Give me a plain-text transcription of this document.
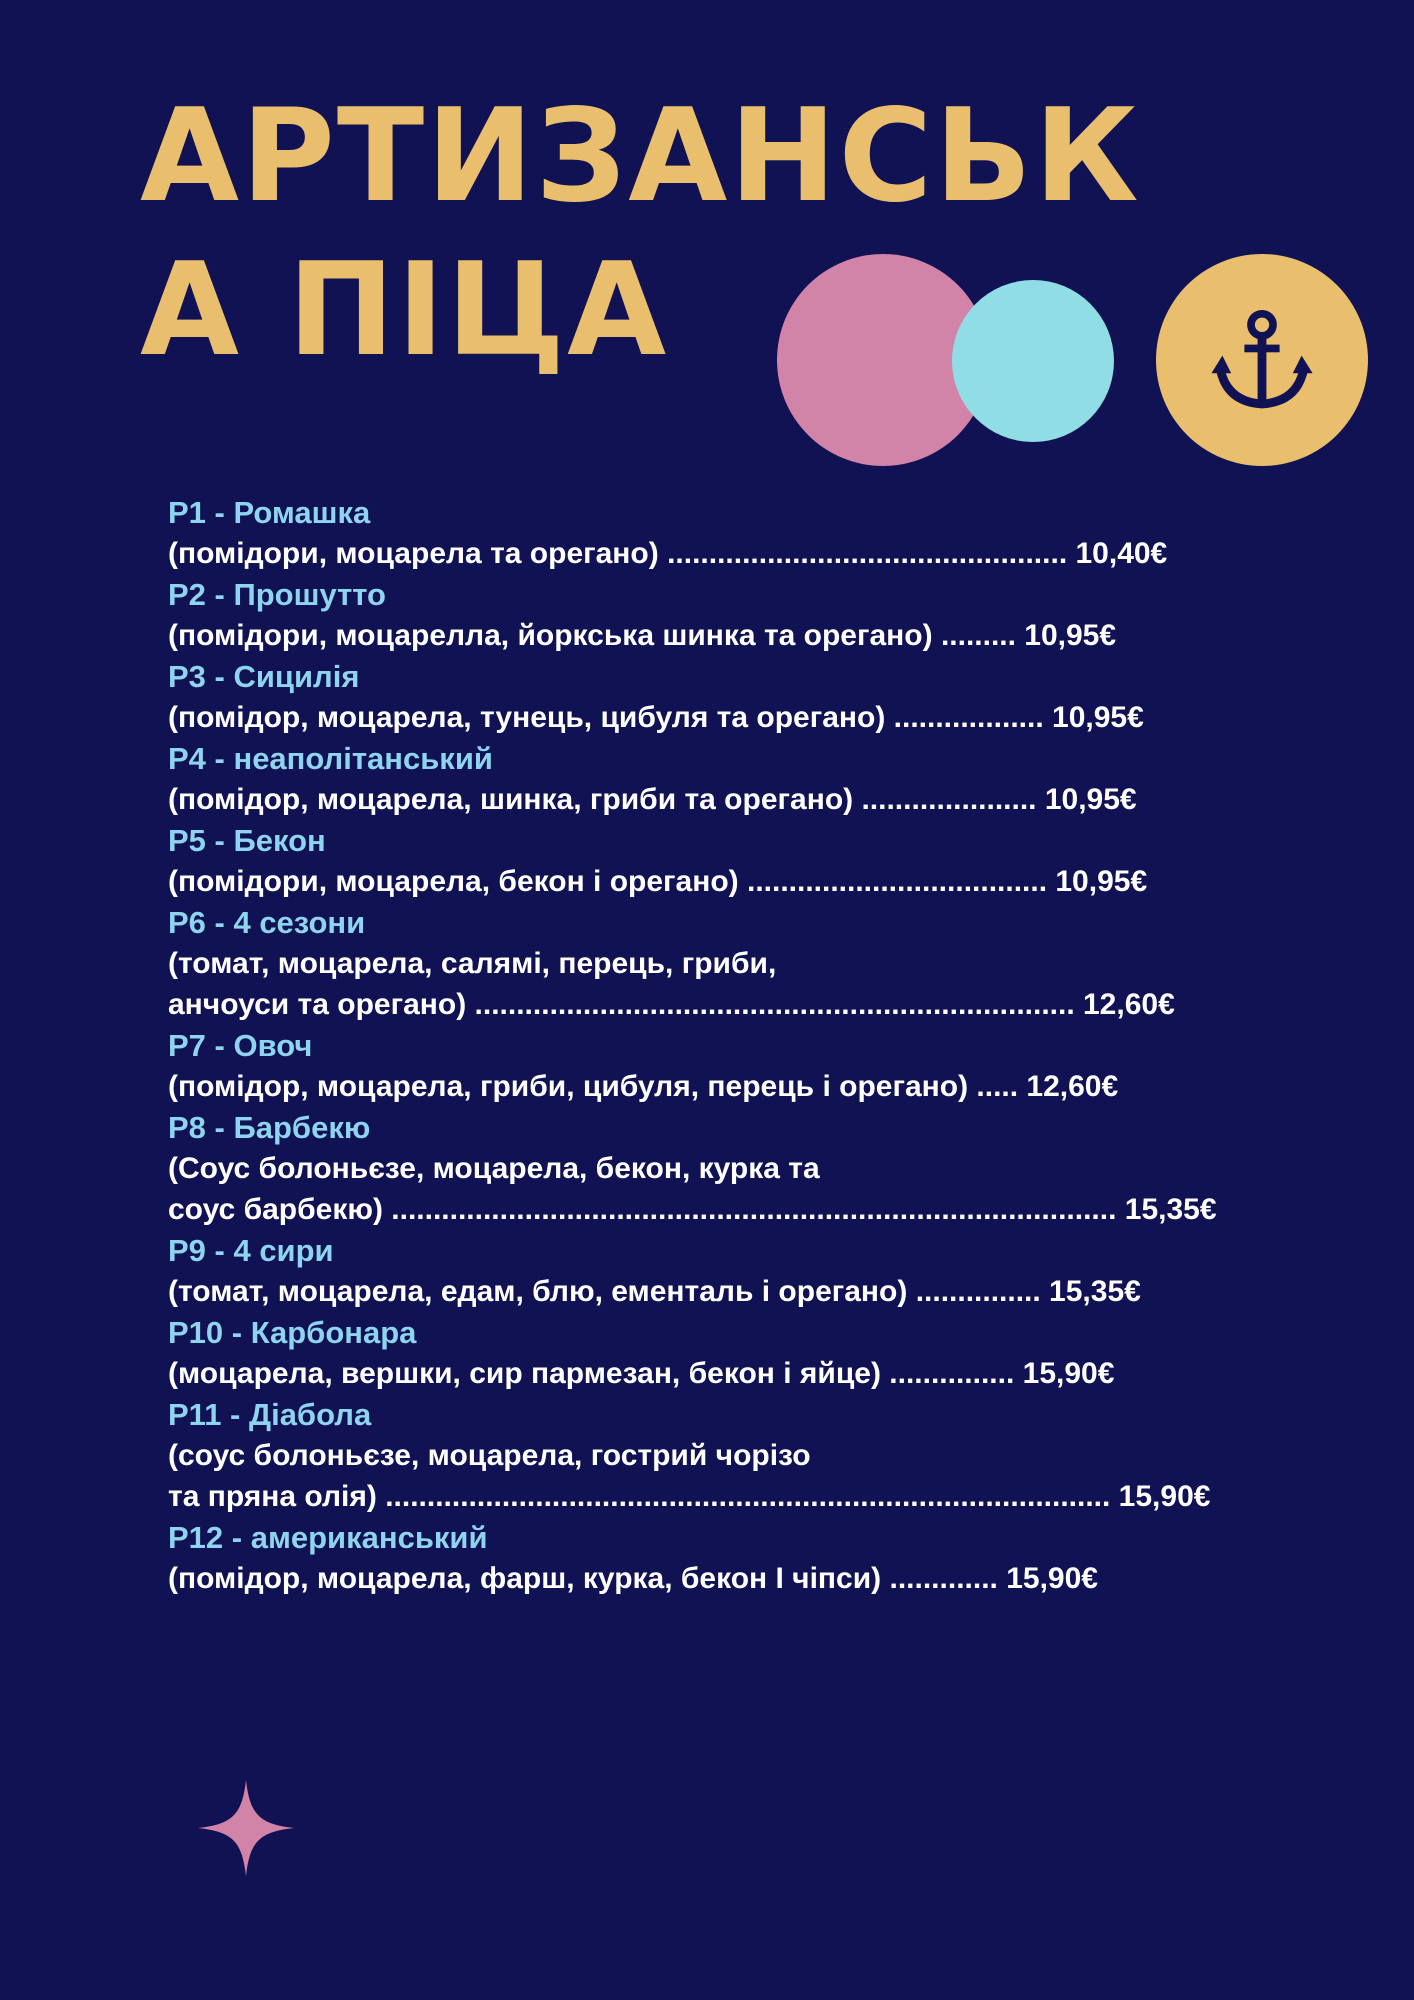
АРТИЗАНСЬК
А ПІЦА
P1 - Ромашка
(помідори, моцарела та орегано) ................................................ 10,40€
P2 - Прошутто
(помідори, моцарелла, йоркська шинка та орегано) ......... 10,95€
P3 - Сицилія
(помідор, моцарела, тунець, цибуля та орегано) .................. 10,95€
P4 - неаполітанський
(помідор, моцарела, шинка, гриби та орегано) ..................... 10,95€
P5 - Бекон
(помідори, моцарела, бекон і орегано) .................................... 10,95€
P6 - 4 сезони
(томат, моцарела, салямі, перець, гриби,
анчоуси та орегано) ........................................................................ 12,60€
P7 - Овоч
(помідор, моцарела, гриби, цибуля, перець і орегано) ..... 12,60€
P8 - Барбекю
(Соус болоньєзе, моцарела, бекон, курка та
соус барбекю) ....................................................................................... 15,35€
P9 - 4 сири
(томат, моцарела, едам, блю, ементаль і орегано) ............... 15,35€
P10 - Карбонара
(моцарела, вершки, сир пармезан, бекон і яйце) ............... 15,90€
P11 - Діабола
(соус болоньєзе, моцарела, гострий чорізо
та пряна олія) ....................................................................................... 15,90€
P12 - американський
(помідор, моцарела, фарш, курка, бекон І чіпси) ............. 15,90€
